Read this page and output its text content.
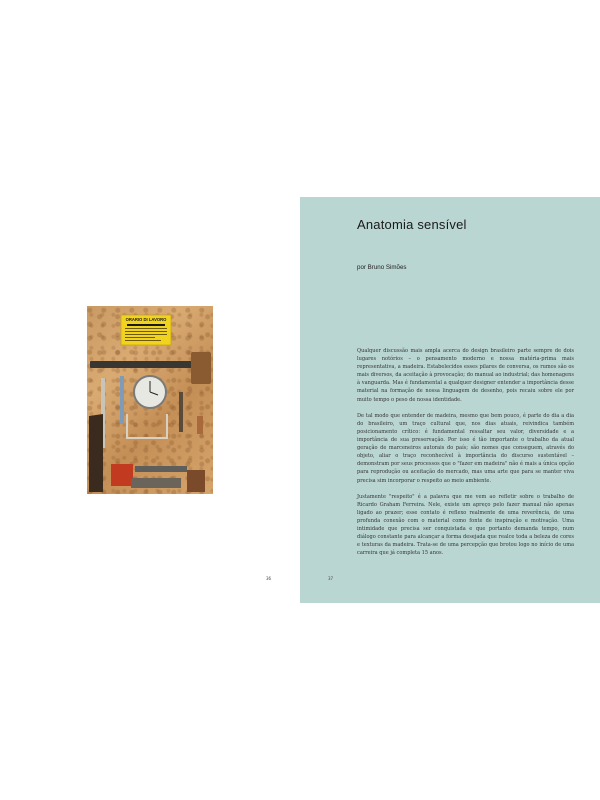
ORARIO DI LAVORO
36
Anatomia sensível
por Bruno Simões

Qualquer discussão mais ampla acerca do design brasileiro parte sempre de dois lugares notórios – o pensamento moderno e nossa matéria-prima mais representativa, a madeira. Estabelecidos esses pilares de conversa, os rumos são os mais diversos, da aceitação à provocação; do manual ao industrial; das homenagens à vanguarda. Mas é fundamental a qualquer designer entender a importância desse material na formação de nossa linguagem de desenho, pois recaiu sobre ele por muito tempo o peso de nossa identidade.

De tal modo que entender de madeira, mesmo que bem pouco, é parte do dia a dia do brasileiro, um traço cultural que, nos dias atuais, reivindica também posicionamento crítico: é fundamental ressaltar seu valor, diversidade e a importância de sua preservação. Por isso é tão importante o trabalho da atual geração de marceneiros autorais do país; são nomes que conseguem, através do objeto, aliar o traço reconhecível à importância do discurso sustentável – demonstram por seus processos que o "fazer em madeira" não é mais a única opção para reprodução ou aceitação do mercado, mas uma arte que para se manter viva precisa sim incorporar o respeito ao meio ambiente.

Justamente "respeito" é a palavra que me vem ao refletir sobre o trabalho de Ricardo Graham Ferreira. Nele, existe um apreço pelo fazer manual não apenas ligado ao prazer; esse contato é reflexo realmente de uma reverência, de uma profunda conexão com o material como fonte de inspiração e motivação. Uma intimidade que precisa ser conquistada e que portanto demanda tempo, num diálogo constante para alcançar a forma desejada que realce toda a beleza de cores e texturas da madeira. Trata-se de uma percepção que brotou logo no início de uma carreira que já completa 15 anos.

37
